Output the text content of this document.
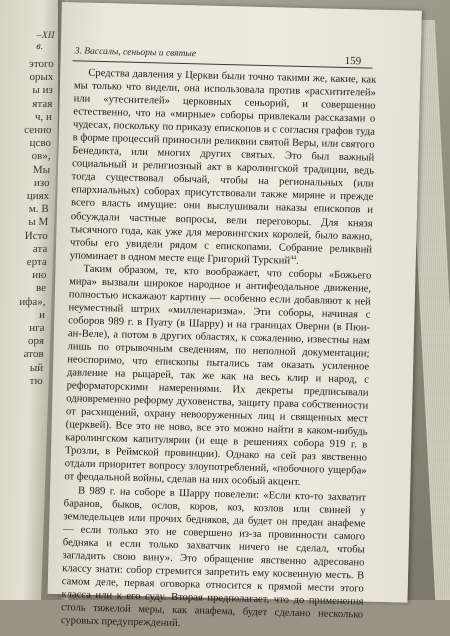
–XII в.
этого
орых
ы из
ятая
ч, н
сенно
цсво
ов»,
Мы
изо
циях
м. В
ы М
Исто
ата
ерта
ию
ве
ифа»,
и
нга
оря
атов
ый
тю
3. Вассалы, сеньоры и святые
159

Средства давления у Церкви были точно такими же, какие, как мы только что видели, она использовала против «расхитителей» или «утеснителей» церковных сеньорий, и совершенно естественно, что на «мирные» соборы привлекали рассказами о чудесах, поскольку по приказу епископов и с согласия графов туда в форме процессий приносили реликвии святой Веры, или святого Бенедикта, или многих других святых. Это был важный социальный и религиозный акт в каролингской традиции, ведь тогда существовал обычай, чтобы на региональных (или епархиальных) соборах присутствовали также миряне и прежде всего власть имущие: они выслушивали наказы епископов и обсуждали частные вопросы, вели переговоры. Для князя тысячного года, как уже для меровингских королей, было важно, чтобы его увидели рядом с епископами. Собрание реликвий упоминает в одном месте еще Григорий Турский$^{44}$.

Таким образом, те, кто воображает, что соборы «Божьего мира» вызвали широкое народное и антифеодальное движение, полностью искажают картину — особенно если добавляют к ней неуместный штрих «милленаризма». Эти соборы, начиная с соборов 989 г. в Пуату (в Шарру) и на границах Оверни (в Пюи-ан-Веле), а потом в других областях, к сожалению, известны нам лишь по отрывочным сведениям, по неполной документации; неоспоримо, что епископы пытались там оказать усиленное давление на рыцарей, так же как на весь клир и народ, с реформаторскими намерениями. Их декреты предписывали одновременно реформу духовенства, защиту права собственности от расхищений, охрану невооруженных лиц и священных мест (церквей). Все это не ново, все это можно найти в каком-нибудь каролингском капитулярии (и еще в решениях собора 919 г. в Трозли, в Реймской провинции). Однако на сей раз явственно отдали приоритет вопросу злоупотреблений, «побочного ущерба» от феодальной войны, сделав на них особый акцент.

В 989 г. на соборе в Шарру повелели: «Если кто-то захватит баранов, быков, ослов, коров, коз, козлов или свиней у земледельцев или прочих бедняков, да будет он предан анафеме — если только это не совершено из-за провинности самого бедняка и если только захватчик ничего не сделал, чтобы загладить свою вину». Это обращение явственно адресовано классу знати: собор стремится запретить ему косвенную месть. В самом деле, первая оговорка относится к прямой мести этого класса или к его суду. Вторая предполагает, что до применения столь тяжелой меры, как анафема, будет сделано несколько суровых предупреждений.
